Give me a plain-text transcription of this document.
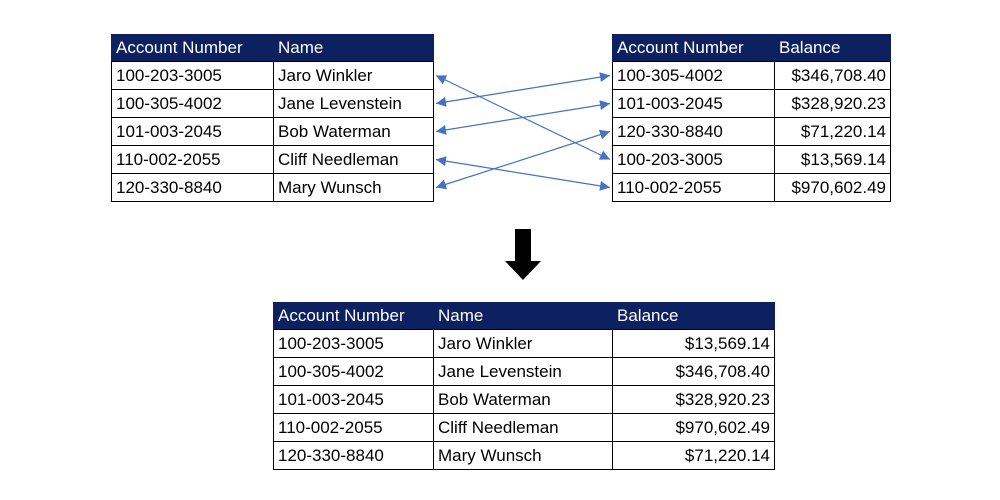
Account Number	Name
100-203-3005	Jaro Winkler
100-305-4002	Jane Levenstein
101-003-2045	Bob Waterman
110-002-2055	Cliff Needleman
120-330-8840	Mary Wunsch
Account Number	Balance
100-305-4002	$346,708.40
101-003-2045	$328,920.23
120-330-8840	$71,220.14
100-203-3005	$13,569.14
110-002-2055	$970,602.49
Account Number	Name	Balance
100-203-3005	Jaro Winkler	$13,569.14
100-305-4002	Jane Levenstein	$346,708.40
101-003-2045	Bob Waterman	$328,920.23
110-002-2055	Cliff Needleman	$970,602.49
120-330-8840	Mary Wunsch	$71,220.14
